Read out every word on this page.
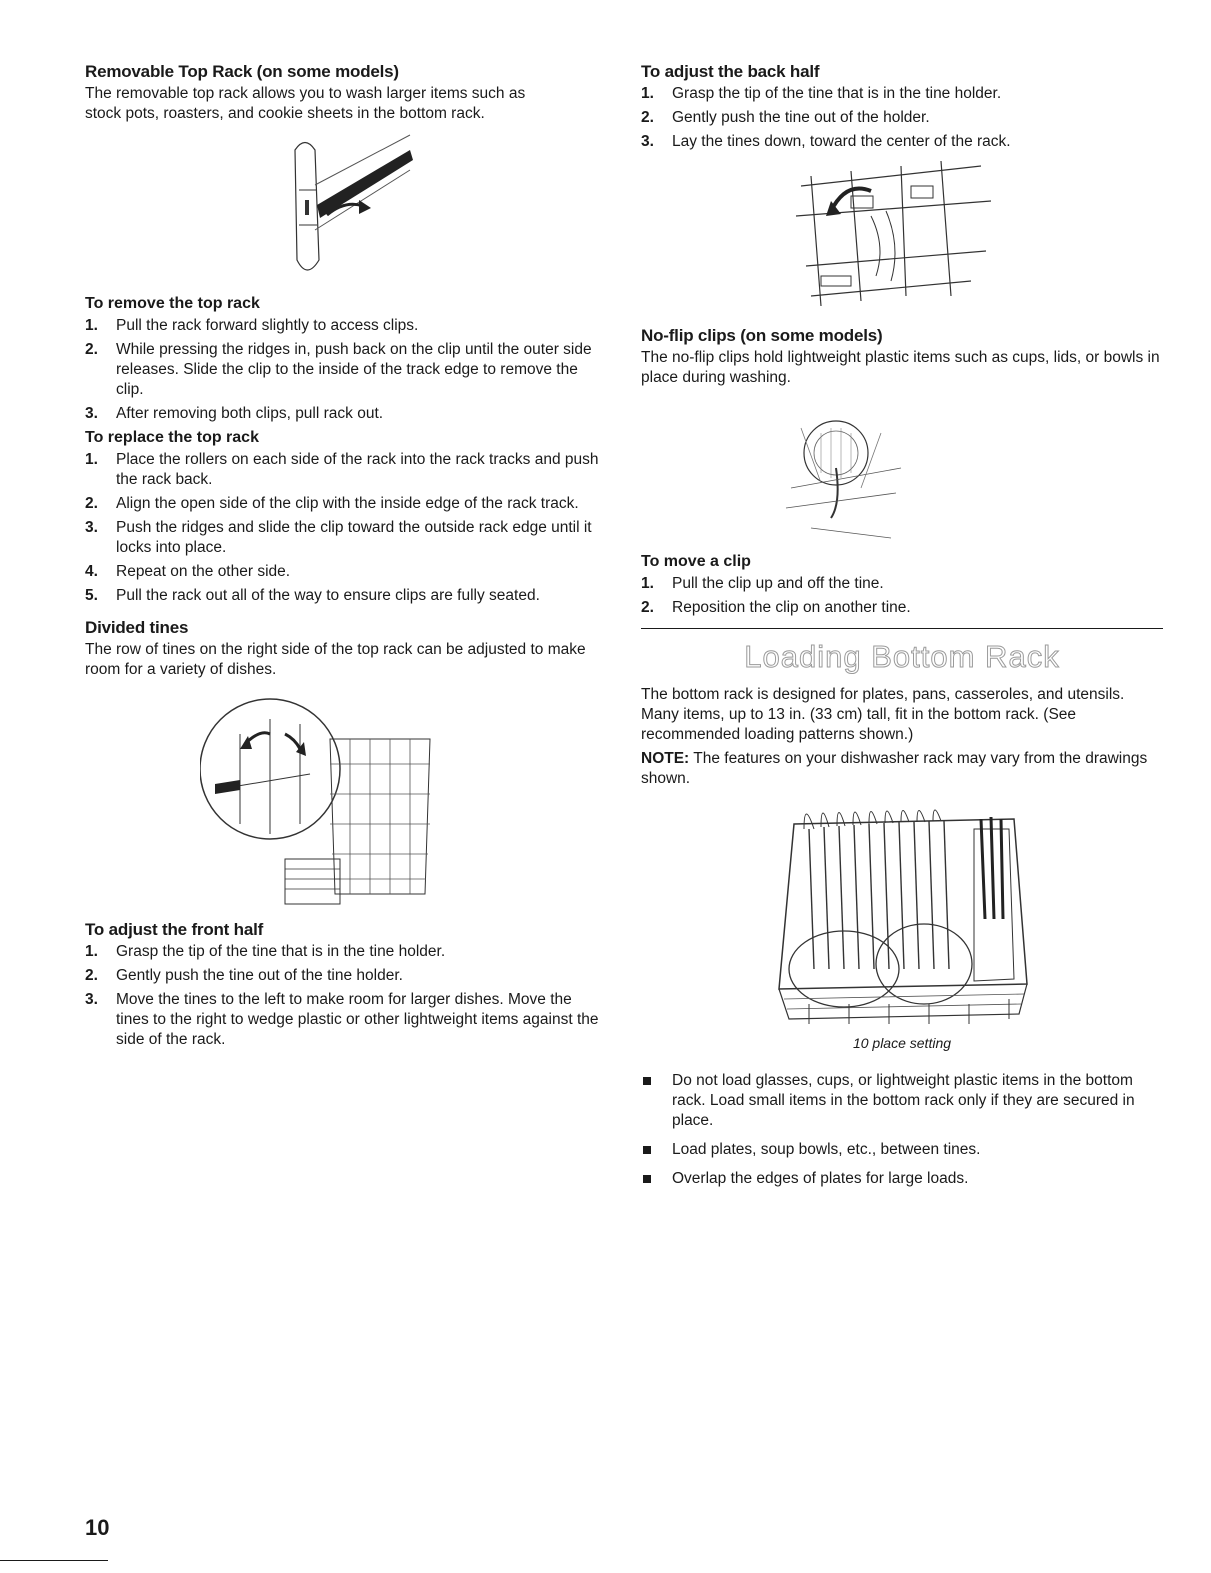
Removable Top Rack (on some models)

The removable top rack allows you to wash larger items such as stock pots, roasters, and cookie sheets in the bottom rack.

To remove the top rack
1. Pull the rack forward slightly to access clips.
2. While pressing the ridges in, push back on the clip until the outer side releases. Slide the clip to the inside of the track edge to remove the clip.
3. After removing both clips, pull rack out.
To replace the top rack
1. Place the rollers on each side of the rack into the rack tracks and push the rack back.
2. Align the open side of the clip with the inside edge of the rack track.
3. Push the ridges and slide the clip toward the outside rack edge until it locks into place.
4. Repeat on the other side.
5. Pull the rack out all of the way to ensure clips are fully seated.
Divided tines

The row of tines on the right side of the top rack can be adjusted to make room for a variety of dishes.

To adjust the front half
1. Grasp the tip of the tine that is in the tine holder.
2. Gently push the tine out of the tine holder.
3. Move the tines to the left to make room for larger dishes. Move the tines to the right to wedge plastic or other lightweight items against the side of the rack.
To adjust the back half
1. Grasp the tip of the tine that is in the tine holder.
2. Gently push the tine out of the holder.
3. Lay the tines down, toward the center of the rack.
No-flip clips (on some models)

The no-flip clips hold lightweight plastic items such as cups, lids, or bowls in place during washing.

To move a clip
1. Pull the clip up and off the tine.
2. Reposition the clip on another tine.
Loading Bottom Rack

The bottom rack is designed for plates, pans, casseroles, and utensils. Many items, up to 13 in. (33 cm) tall, fit in the bottom rack. (See recommended loading patterns shown.)

NOTE: The features on your dishwasher rack may vary from the drawings shown.

10 place setting

Do not load glasses, cups, or lightweight plastic items in the bottom rack. Load small items in the bottom rack only if they are secured in place.
Load plates, soup bowls, etc., between tines.
Overlap the edges of plates for large loads.
10
